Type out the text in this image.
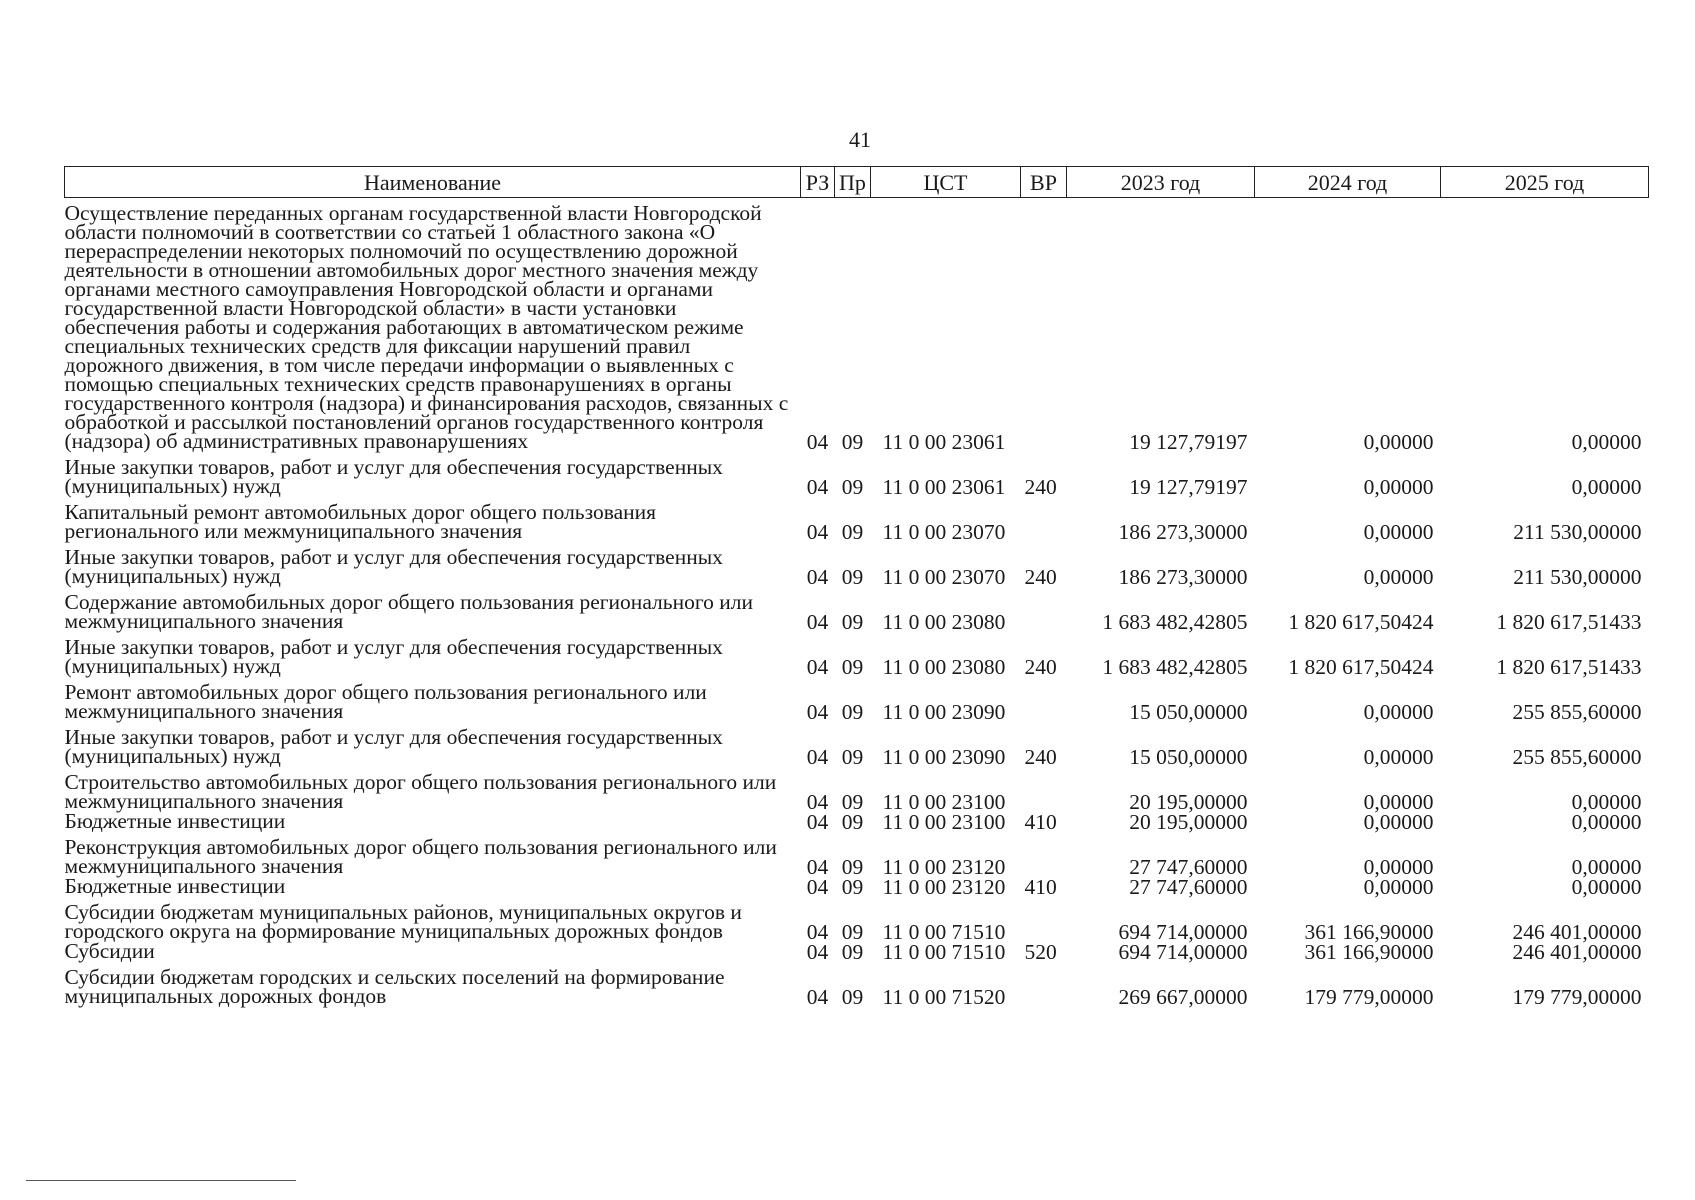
41
Наименование	РЗ	Пр	ЦСТ	ВР	2023 год	2024 год	2025 год
Осуществление переданных органам государственной власти Новгородской области полномочий в соответствии со статьей 1 областного закона «О перераспределении некоторых полномочий по осуществлению дорожной деятельности в отношении автомобильных дорог местного значения между органами местного самоуправления Новгородской области и органами государственной власти Новгородской области» в части установки обеспечения работы и содержания работающих в автоматическом режиме специальных технических средств для фиксации нарушений правил дорожного движения, в том числе передачи информации о выявленных с помощью специальных технических средств правонарушениях в органы государственного контроля (надзора) и финансирования расходов, связанных с обработкой и рассылкой постановлений органов государственного контроля (надзора) об административных правонарушениях	04	09	11 0 00 23061		19 127,79197	0,00000	0,00000
Иные закупки товаров, работ и услуг для обеспечения государственных (муниципальных) нужд	04	09	11 0 00 23061	240	19 127,79197	0,00000	0,00000
Капитальный ремонт автомобильных дорог общего пользования регионального или межмуниципального значения	04	09	11 0 00 23070		186 273,30000	0,00000	211 530,00000
Иные закупки товаров, работ и услуг для обеспечения государственных (муниципальных) нужд	04	09	11 0 00 23070	240	186 273,30000	0,00000	211 530,00000
Содержание автомобильных дорог общего пользования регионального или межмуниципального значения	04	09	11 0 00 23080		1 683 482,42805	1 820 617,50424	1 820 617,51433
Иные закупки товаров, работ и услуг для обеспечения государственных (муниципальных) нужд	04	09	11 0 00 23080	240	1 683 482,42805	1 820 617,50424	1 820 617,51433
Ремонт автомобильных дорог общего пользования регионального или межмуниципального значения	04	09	11 0 00 23090		15 050,00000	0,00000	255 855,60000
Иные закупки товаров, работ и услуг для обеспечения государственных (муниципальных) нужд	04	09	11 0 00 23090	240	15 050,00000	0,00000	255 855,60000
Строительство автомобильных дорог общего пользования регионального или межмуниципального значения	04	09	11 0 00 23100		20 195,00000	0,00000	0,00000
Бюджетные инвестиции	04	09	11 0 00 23100	410	20 195,00000	0,00000	0,00000
Реконструкция автомобильных дорог общего пользования регионального или межмуниципального значения	04	09	11 0 00 23120		27 747,60000	0,00000	0,00000
Бюджетные инвестиции	04	09	11 0 00 23120	410	27 747,60000	0,00000	0,00000
Субсидии бюджетам муниципальных районов, муниципальных округов и городского округа на формирование муниципальных дорожных фондов	04	09	11 0 00 71510		694 714,00000	361 166,90000	246 401,00000
Субсидии	04	09	11 0 00 71510	520	694 714,00000	361 166,90000	246 401,00000
Субсидии бюджетам городских и сельских поселений на формирование муниципальных дорожных фондов	04	09	11 0 00 71520		269 667,00000	179 779,00000	179 779,00000
